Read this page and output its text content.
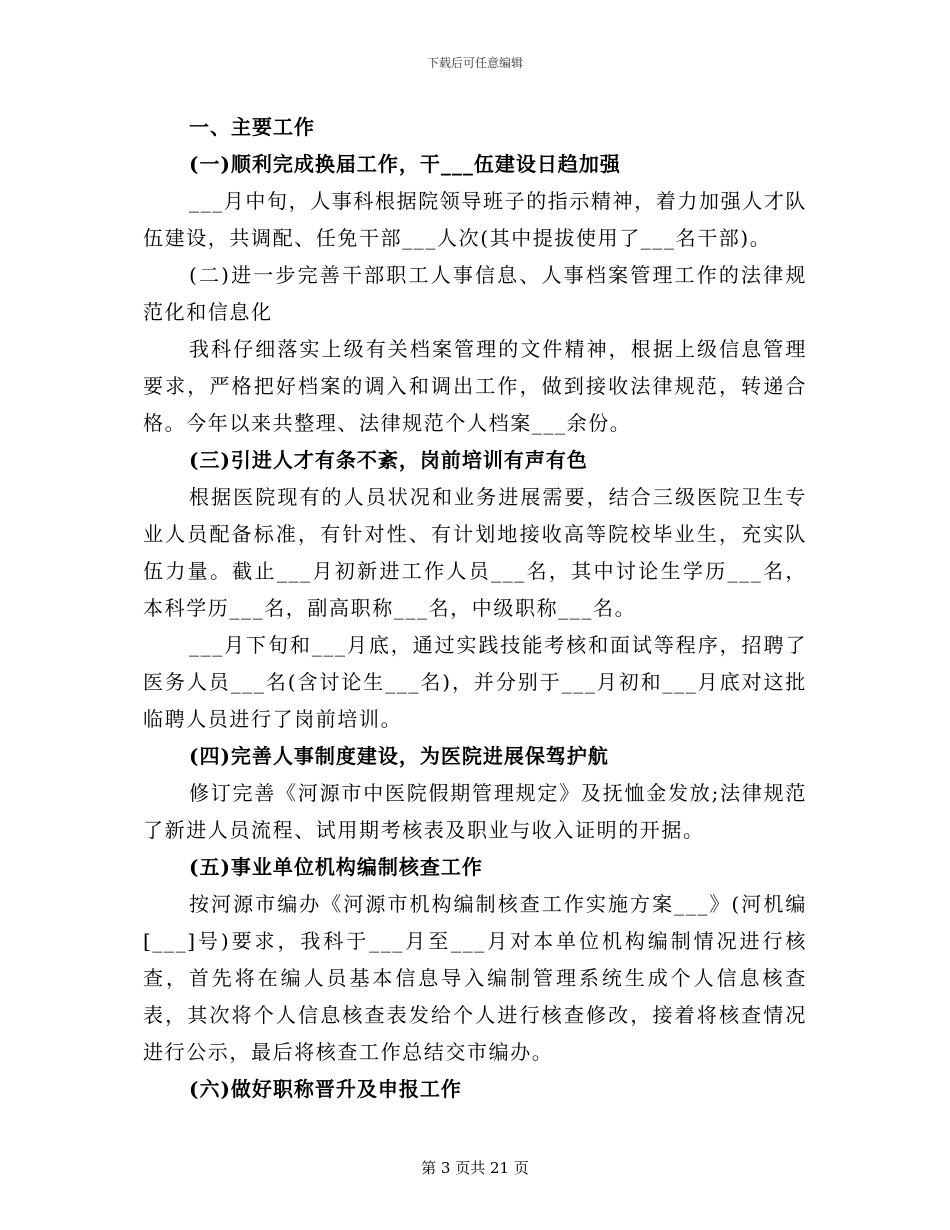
下载后可任意编辑

一、主要工作

(一)顺利完成换届工作，干___伍建设日趋加强

___月中旬，人事科根据院领导班子的指示精神，着力加强人才队伍建设，共调配、任免干部___人次(其中提拔使用了___名干部)。

(二)进一步完善干部职工人事信息、人事档案管理工作的法律规范化和信息化

我科仔细落实上级有关档案管理的文件精神，根据上级信息管理要求，严格把好档案的调入和调出工作，做到接收法律规范，转递合格。今年以来共整理、法律规范个人档案___余份。

(三)引进人才有条不紊，岗前培训有声有色

根据医院现有的人员状况和业务进展需要，结合三级医院卫生专业人员配备标准，有针对性、有计划地接收高等院校毕业生，充实队伍力量。截止___月初新进工作人员___名，其中讨论生学历___名，本科学历___名，副高职称___名，中级职称___名。

___月下旬和___月底，通过实践技能考核和面试等程序，招聘了医务人员___名(含讨论生___名)，并分别于___月初和___月底对这批临聘人员进行了岗前培训。

(四)完善人事制度建设，为医院进展保驾护航

修订完善《河源市中医院假期管理规定》及抚恤金发放;法律规范了新进人员流程、试用期考核表及职业与收入证明的开据。

(五)事业单位机构编制核查工作

按河源市编办《河源市机构编制核查工作实施方案___》(河机编[___]号)要求，我科于___月至___月对本单位机构编制情况进行核查，首先将在编人员基本信息导入编制管理系统生成个人信息核查表，其次将个人信息核查表发给个人进行核查修改，接着将核查情况进行公示，最后将核查工作总结交市编办。

(六)做好职称晋升及申报工作

第 3 页共 21 页
